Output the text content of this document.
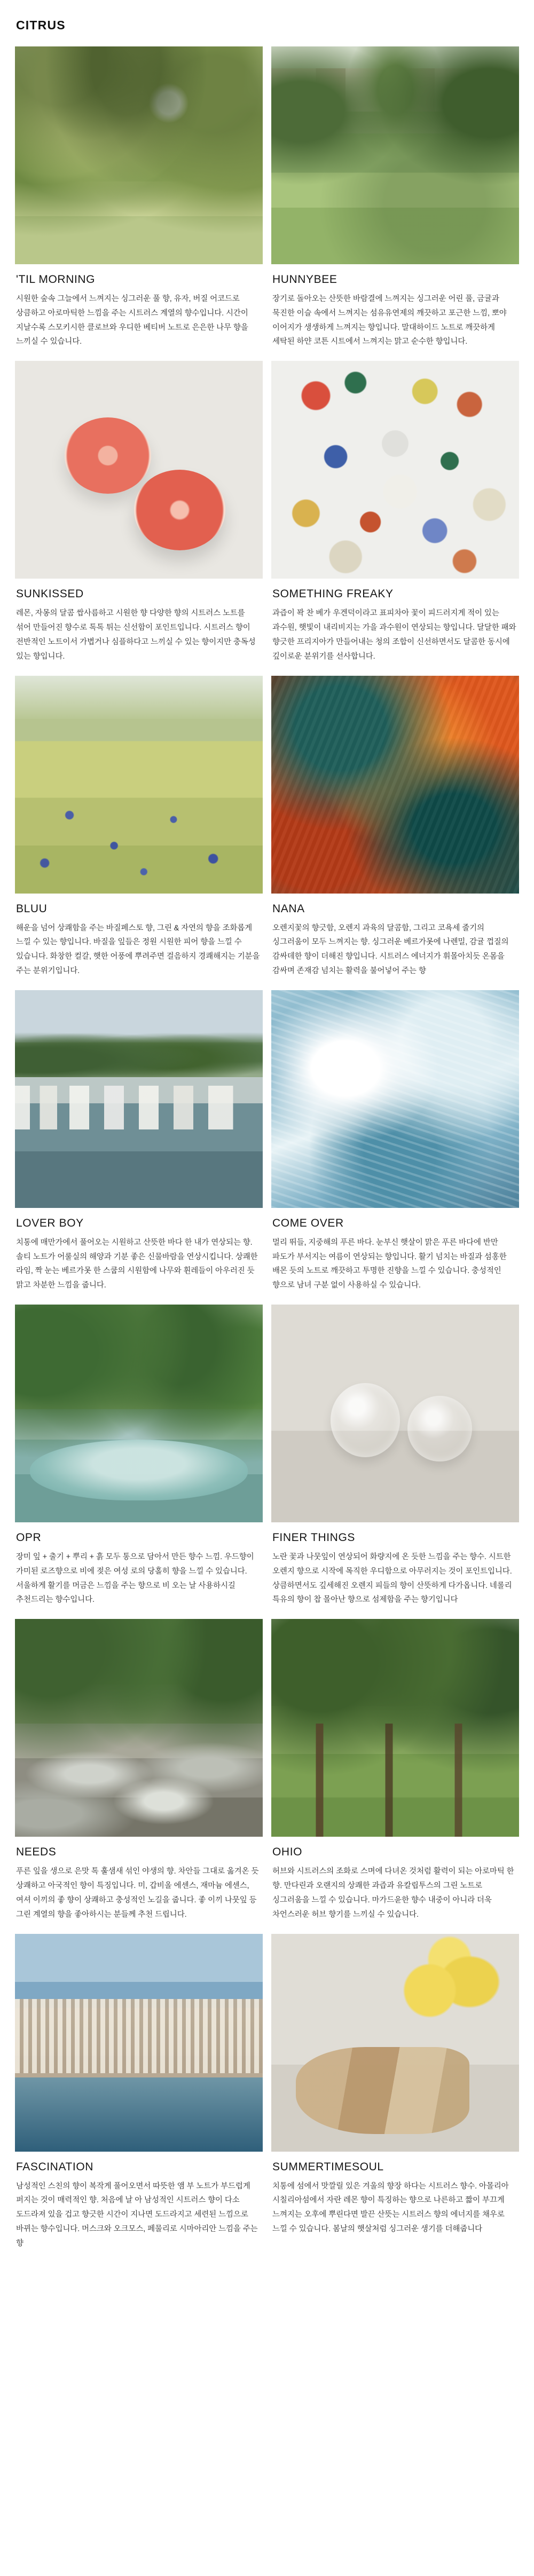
CITRUS
'TIL MORNING
시원한 숲속 그늘에서 느껴지는 싱그러운 풀 향, 유자, 버질 어코드로 상큼하고 아로마틱한 느낌을 주는 시트러스 계열의 향수입니다. 시간이 지날수록 스모키시한 클로브와 우디한 베티버 노트로 은은한 나무 향을 느끼실 수 있습니다.
HUNNYBEE
장기로 돌아오는 산뜻한 바람결에 느껴지는 싱그러운 어린 풀, 금귤과 묵진한 이슬 속에서 느껴지는 섬유유연제의 깨끗하고 포근한 느낌, 뽀야 이어지가 생생하게 느껴지는 향입니다. 말대하이드 노트로 깨끗하게 세탁된 하얀 코튼 시트에서 느껴지는 맑고 순수한 향입니다.
SUNKISSED
레몬, 자몽의 달콤 쌉사름하고 시원한 향 다양한 향의 시트러스 노트를 섞어 만들어진 향수로 톡톡 튀는 신선함이 포인트입니다. 시트러스 향이 전반적인 노트이서 가볍거나 심플하다고 느끼실 수 있는 향이지만 충독성 있는 향입니다.
SOMETHING FREAKY
과즙이 꽉 찬 베가 우겐덕이라고 표피차아 꽃이 피드러지게 적이 있는 과수원, 햇빛이 내리비지는 가을 과수원이 연상되는 향입니다. 달달한 패와 향긋한 프리지아가 만들어내는 청의 조합이 신선하면서도 달콤한 동시에 깊이로운 분위기를 선사합니다.
BLUU
해운을 넘어 상쾌함을 주는 바질페스토 향, 그린 & 자연의 향을 조화롭게 느낄 수 있는 향입니다. 바질을 잎들은 정원 시원한 피어 향을 느낄 수 있습니다. 화창한 컬갈, 햇한 어풍에 뿌려주면 걸음하지 경쾌해지는 기분을 주는 분위기입니다.
NANA
오렌지꽃의 향긋함, 오렌지 과육의 달콤함, 그리고 코욕세 줄기의 싱그러움이 모두 느껴지는 향. 싱그러운 베르가못에 나렌밀, 감귤 껍질의 감싸데한 향이 더해진 향입니다. 시트러스 에너지가 휘몰아치듯 온몸을 감싸며 존재감 넘치는 활력을 불어넣어 주는 향
LOVER BOY
치통에 매만가에서 풀어오는 시원하고 산뜻한 바다 한 내가 연상되는 향. 솔티 노트가 어룰실의 해양과 기분 좋은 신물바람을 연상시킵니다. 상쾌한 라임, 짝 눈는 베르가못 한 스쿱의 시원함에 나무와 휜레들이 아우러진 듯 맑고 차분한 느낌을 줍니다.
COME OVER
멀리 뛰들, 지중해의 푸른 바다. 눈부신 햇살이 맑은 푸른 바다에 반만 파도가 부서지는 여름이 연상되는 향입니다. 활기 넘치는 바질과 섬홍한 배몬 듯의 노트로 깨끗하고 투명한 진향을 느낄 수 있습니다. 충성적인 향으로 남녀 구분 없이 사용하실 수 있습니다.
OPR
장미 잎 + 출기 + 뿌리 + 흙 모두 통으로 담아서 만든 향수 느낌. 우드향이 가미된 로즈향으로 비에 젖은 여성 로의 당홀히 향을 느낄 수 있습니다. 서울하게 활기를 머금은 느낌을 주는 향으로 비 오는 날 사용하시길 추천드리는 향수입니다.
FINER THINGS
노란 꽃과 나뭇잎이 연상되어 화량지에 온 듯한 느낌을 주는 향수. 시트한 오렌지 향으로 시작에 목직한 우디함으로 아무러지는 것이 포인트입니다. 상큼하면서도 깊세해진 오렌지 피들의 향이 산뜻하게 다가옵니다. 네롤리 특유의 향이 찹 몰아난 향으로 섬제함을 주는 향기입니다
NEEDS
푸른 잎을 생으로 은맛 톡 훌샘새 섞인 야생의 향. 차안들 그대로 옮겨온 듯 상쾌하고 아국적인 향이 특징입니다. 미, 갑비올 에센스, 재마늄 에센스, 여셔 이끼의 좋 향이 상쾌하고 충성적인 노길을 줍니다. 좋 이끼 나뭇잎 등 그린 계열의 향을 좋아하시는 분들께 추천 드립니다.
OHIO
허브와 시트러스의 조화로 스며에 다녀온 것처럼 활력이 되는 아로마틱 한 향. 만다린과 오랜지의 상쾌한 과즙과 유칼립투스의 그린 노트로 싱그러움을 느낄 수 있습니다. 마가드윤한 향수 내중이 아니라 더욱 차언스러운 허브 향기를 느끼실 수 있습니다.
FASCINATION
남성적인 스친의 향이 복작게 풀어오면서 따뜻한 앰 부 노트가 부드럽게 퍼지는 것이 매력적인 향. 처음에 날 아 남성적인 시트러스 향이 다소 도드라져 있을 겁고 향긋한 시간이 지나면 도드라지고 세련된 느낌으로 바뀌는 향수입니다. 머스크와 오크모스, 페물리로 시마아리안 느낌을 주는 향
SUMMERTIMESOUL
치통에 섬에서 맛깔릴 있은 겨울의 향장 하다는 시트러스 향수. 아몰리아 시칠리아섬에서 자란 레몬 향이 특징하는 향으로 나른하고 짧이 부끄게 느껴지는 오후에 뿌린다면 발끈 산뜻는 시트러스 향의 에너지를 채우로 느낄 수 있습니다. 봄날의 햇살처럼 싱그러운 생기를 더해줍니다
